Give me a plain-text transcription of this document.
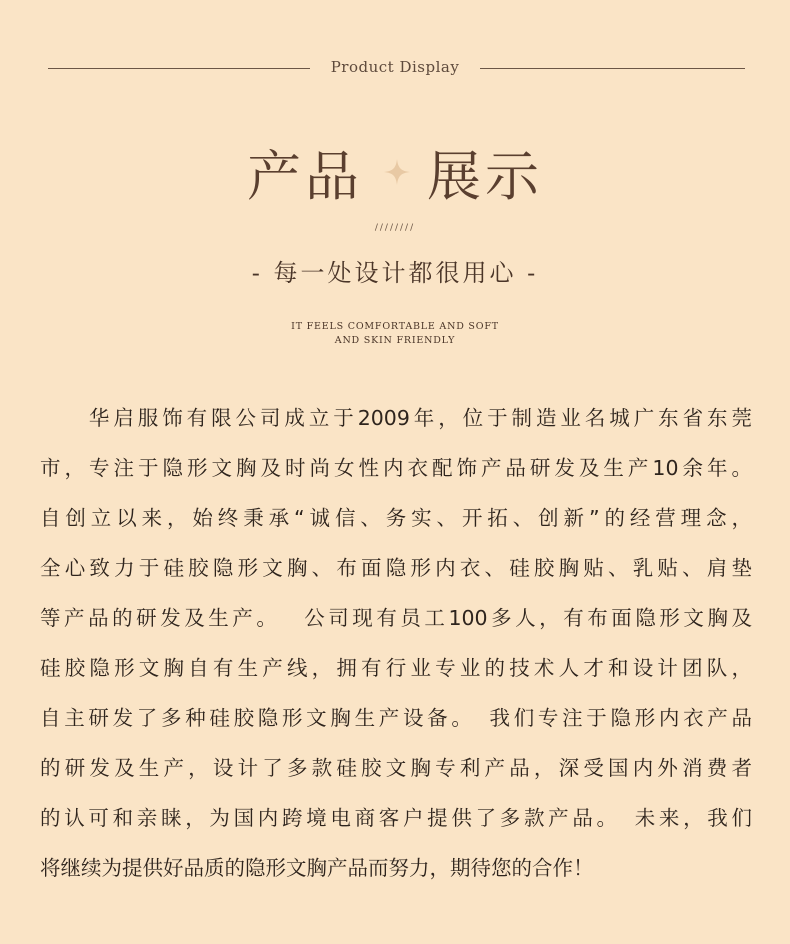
Product Display
产品 展示
////////
- 每一处设计都很用心 -
IT FEELS COMFORTABLE AND SOFT
AND SKIN FRIENDLY
　　华启服饰有限公司成立于2009年，位于制造业名城广东省东莞
市，专注于隐形文胸及时尚女性内衣配饰产品研发及生产10余年。
自创立以来，始终秉承“诚信、务实、开拓、创新”的经营理念，
全心致力于硅胶隐形文胸、布面隐形内衣、硅胶胸贴、乳贴、肩垫
等产品的研发及生产。　 公司现有员工100多人，有布面隐形文胸及
硅胶隐形文胸自有生产线，拥有行业专业的技术人才和设计团队，
自主研发了多种硅胶隐形文胸生产设备。　我们专注于隐形内衣产品
的研发及生产，设计了多款硅胶文胸专利产品，深受国内外消费者
的认可和亲睐，为国内跨境电商客户提供了多款产品。　未来，我们
将继续为提供好品质的隐形文胸产品而努力，期待您的合作！
